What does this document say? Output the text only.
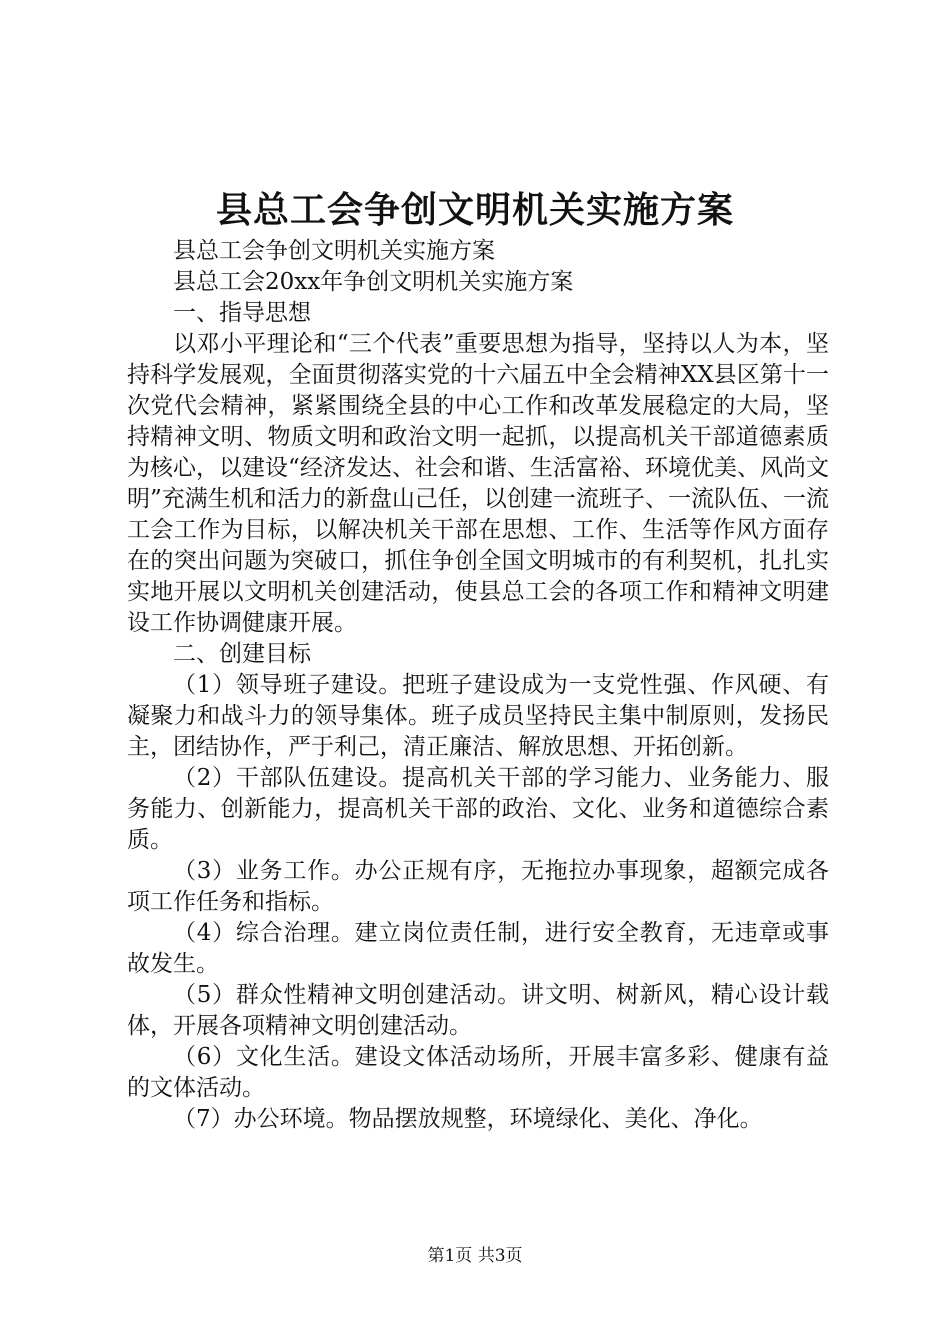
县总工会争创文明机关实施方案

县总工会争创文明机关实施方案

县总工会20xx年争创文明机关实施方案

一、指导思想

以邓小平理论和“三个代表”重要思想为指导，坚持以人为本，坚持科学发展观，全面贯彻落实党的十六届五中全会精神XX县区第十一次党代会精神，紧紧围绕全县的中心工作和改革发展稳定的大局，坚持精神文明、物质文明和政治文明一起抓，以提高机关干部道德素质为核心，以建设“经济发达、社会和谐、生活富裕、环境优美、风尚文明”充满生机和活力的新盘山己任，以创建一流班子、一流队伍、一流工会工作为目标，以解决机关干部在思想、工作、生活等作风方面存在的突出问题为突破口，抓住争创全国文明城市的有利契机，扎扎实实地开展以文明机关创建活动，使县总工会的各项工作和精神文明建设工作协调健康开展。

二、创建目标

（1）领导班子建设。把班子建设成为一支党性强、作风硬、有凝聚力和战斗力的领导集体。班子成员坚持民主集中制原则，发扬民主，团结协作，严于利己，清正廉洁、解放思想、开拓创新。

（2）干部队伍建设。提高机关干部的学习能力、业务能力、服务能力、创新能力，提高机关干部的政治、文化、业务和道德综合素质。

（3）业务工作。办公正规有序，无拖拉办事现象，超额完成各项工作任务和指标。

（4）综合治理。建立岗位责任制，进行安全教育，无违章或事故发生。

（5）群众性精神文明创建活动。讲文明、树新风，精心设计载体，开展各项精神文明创建活动。

（6）文化生活。建设文体活动场所，开展丰富多彩、健康有益的文体活动。

（7）办公环境。物品摆放规整，环境绿化、美化、净化。

第1页 共3页
